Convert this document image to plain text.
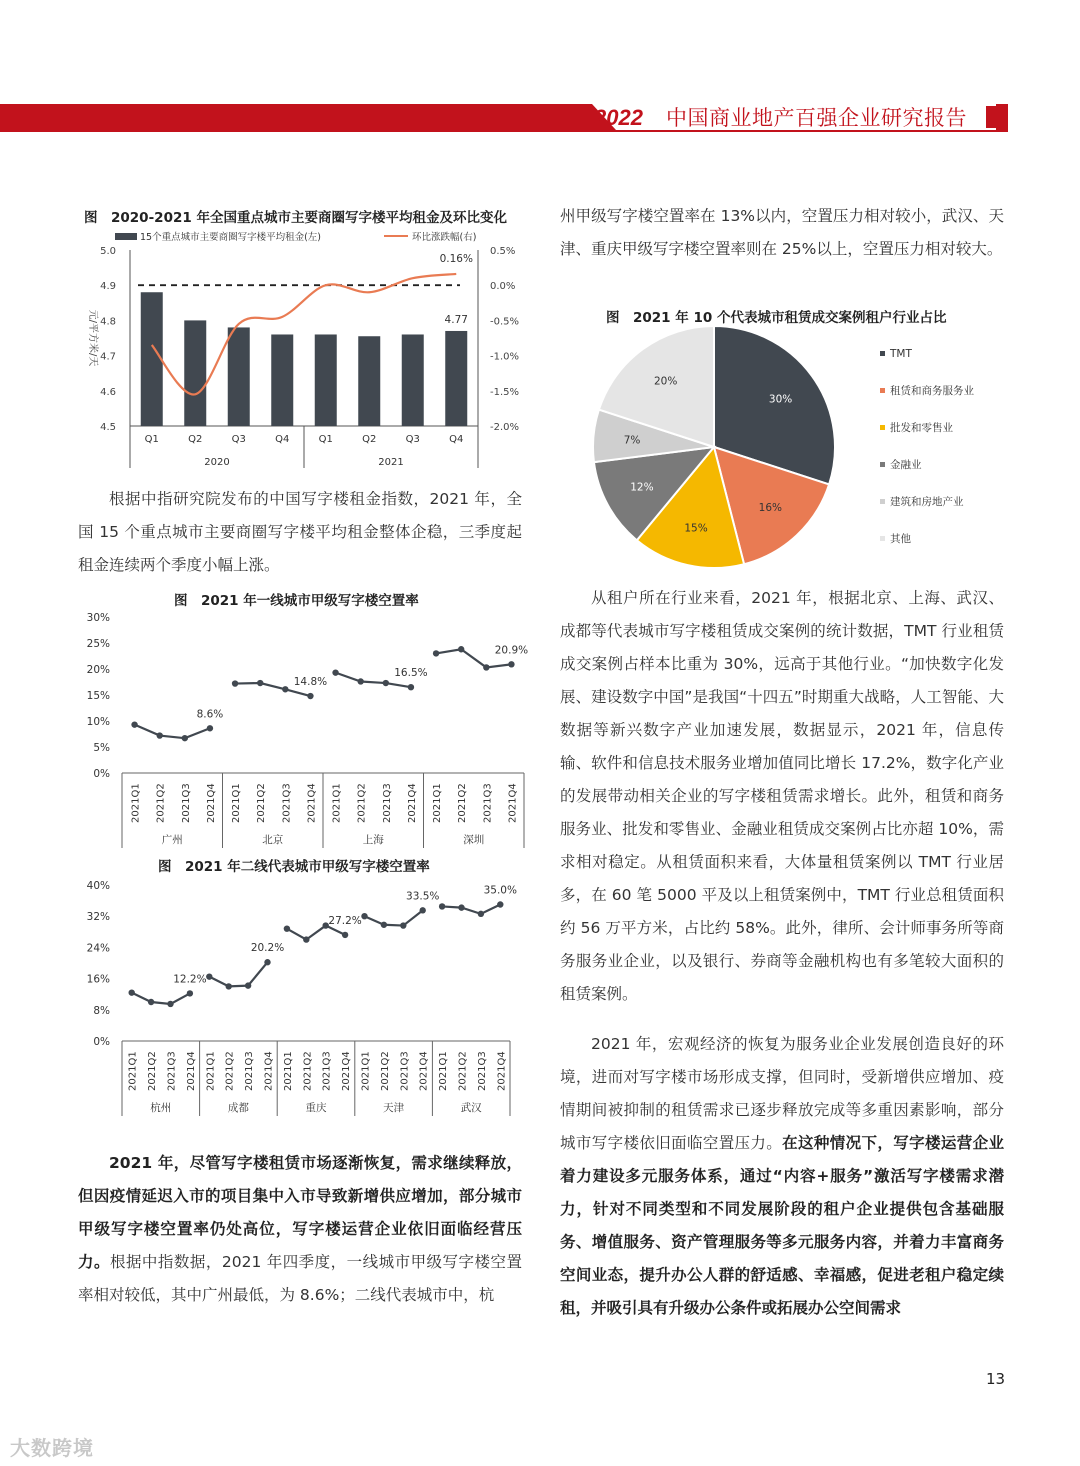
2022 中国商业地产百强企业研究报告
图　2020-2021 年全国重点城市主要商圈写字楼平均租金及环比变化
图　2021 年一线城市甲级写字楼空置率
图　2021 年二线代表城市甲级写字楼空置率
图　2021 年 10 个代表城市租赁成交案例租户行业占比
15个重点城市主要商圈写字楼平均租金(左)	环比涨跌幅(右)
4.5
4.6
4.7
4.8
4.9
5.0
-2.0%
-1.5%
-1.0%
-0.5%
0.0%
0.5%
元/平方米/天
Q1	Q2	Q3	Q4	Q1	Q2	Q3	Q4
2020	2021
4.77
0.16%
0%
5%
10%
15%
20%
25%
30%
8.6%
2021Q1 2021Q2 2021Q3 2021Q4
广州
14.8%
2021Q1 2021Q2 2021Q3 2021Q4
北京
16.5%
2021Q1 2021Q2 2021Q3 2021Q4
上海
20.9%
2021Q1 2021Q2 2021Q3 2021Q4
深圳
0%
8%
16%
24%
32%
40%
12.2%
2021Q1 2021Q2 2021Q3 2021Q4
杭州
20.2%
2021Q1 2021Q2 2021Q3 2021Q4
成都
27.2%
2021Q1 2021Q2 2021Q3 2021Q4
重庆
33.5%
2021Q1 2021Q2 2021Q3 2021Q4
天津
35.0%
2021Q1 2021Q2 2021Q3 2021Q4
武汉
30%
16%
15%
12%
7%
20%
TMT
租赁和商务服务业
批发和零售业
金融业
建筑和房地产业
其他

根据中指研究院发布的中国写字楼租金指数，2021 年，全国 15 个重点城市主要商圈写字楼平均租金整体企稳，三季度起租金连续两个季度小幅上涨。

2021 年，尽管写字楼租赁市场逐渐恢复，需求继续释放，但因疫情延迟入市的项目集中入市导致新增供应增加，部分城市甲级写字楼空置率仍处高位，写字楼运营企业依旧面临经营压力。根据中指数据，2021 年四季度，一线城市甲级写字楼空置率相对较低，其中广州最低，为 8.6%；二线代表城市中，杭

州甲级写字楼空置率在 13%以内，空置压力相对较小，武汉、天津、重庆甲级写字楼空置率则在 25%以上，空置压力相对较大。

从租户所在行业来看，2021 年，根据北京、上海、武汉、成都等代表城市写字楼租赁成交案例的统计数据，TMT 行业租赁成交案例占样本比重为 30%，远高于其他行业。“加快数字化发展、建设数字中国”是我国“十四五”时期重大战略，人工智能、大数据等新兴数字产业加速发展，数据显示，2021 年，信息传输、软件和信息技术服务业增加值同比增长 17.2%，数字化产业的发展带动相关企业的写字楼租赁需求增长。此外，租赁和商务服务业、批发和零售业、金融业租赁成交案例占比亦超 10%，需求相对稳定。从租赁面积来看，大体量租赁案例以 TMT 行业居多，在 60 笔 5000 平及以上租赁案例中，TMT 行业总租赁面积约 56 万平方米，占比约 58%。此外，律所、会计师事务所等商务服务业企业，以及银行、券商等金融机构也有多笔较大面积的租赁案例。

2021 年，宏观经济的恢复为服务业企业发展创造良好的环境，进而对写字楼市场形成支撑，但同时，受新增供应增加、疫情期间被抑制的租赁需求已逐步释放完成等多重因素影响，部分城市写字楼依旧面临空置压力。在这种情况下，写字楼运营企业着力建设多元服务体系，通过“内容+服务”激活写字楼需求潜力，针对不同类型和不同发展阶段的租户企业提供包含基础服务、增值服务、资产管理服务等多元服务内容，并着力丰富商务空间业态，提升办公人群的舒适感、幸福感，促进老租户稳定续租，并吸引具有升级办公条件或拓展办公空间需求

13
大数跨境
